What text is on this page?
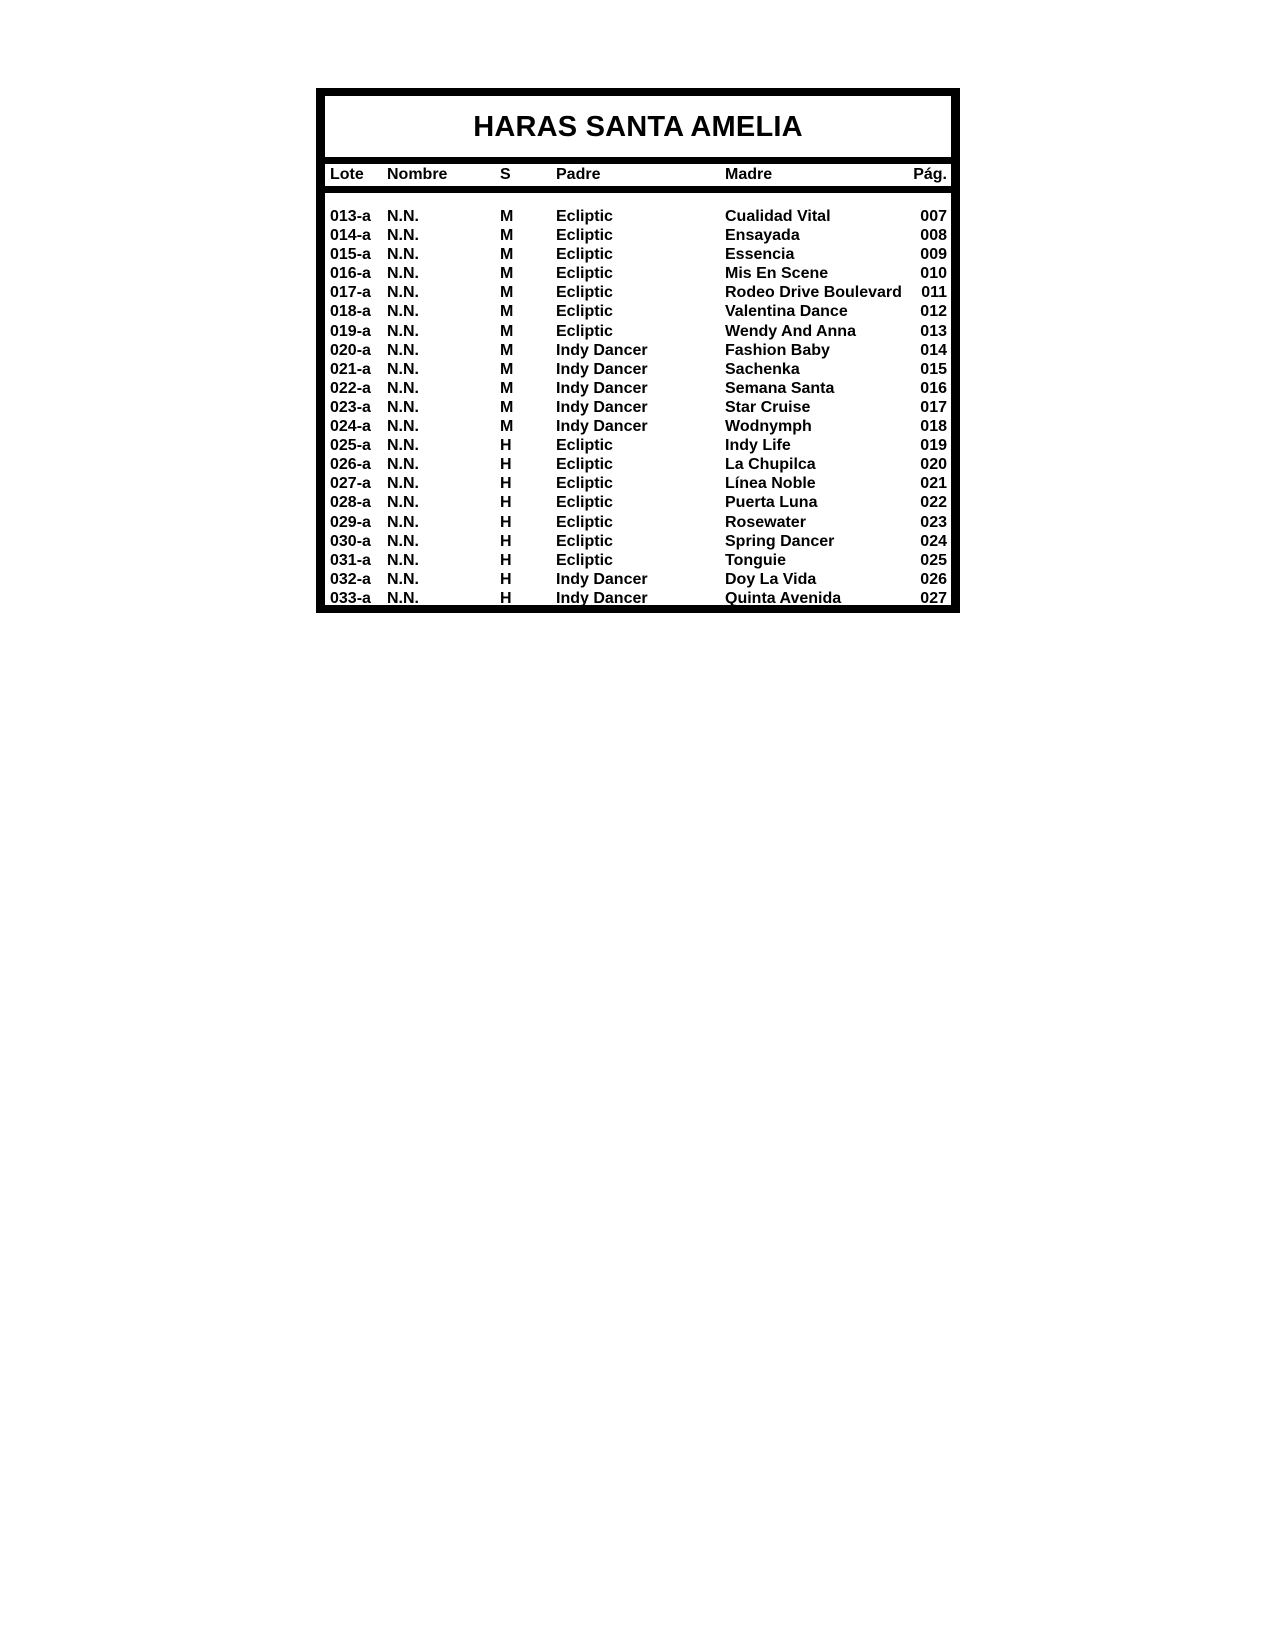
HARAS SANTA AMELIA
Lote Nombre	S	Padre	Madre	Pág.
013-a N.N.	M	Ecliptic	Cualidad Vital	007
014-a N.N.	M	Ecliptic	Ensayada	008
015-a N.N.	M	Ecliptic	Essencia	009
016-a N.N.	M	Ecliptic	Mis En Scene	010
017-a N.N.	M	Ecliptic	Rodeo Drive Boulevard 011
018-a N.N.	M	Ecliptic	Valentina Dance	012
019-a N.N.	M	Ecliptic	Wendy And Anna	013
020-a N.N.	M	Indy Dancer	Fashion Baby	014
021-a N.N.	M	Indy Dancer	Sachenka	015
022-a N.N.	M	Indy Dancer	Semana Santa	016
023-a N.N.	M	Indy Dancer	Star Cruise	017
024-a N.N.	M	Indy Dancer	Wodnymph	018
025-a N.N.	H	Ecliptic	Indy Life	019
026-a N.N.	H	Ecliptic	La Chupilca	020
027-a N.N.	H	Ecliptic	Línea Noble	021
028-a N.N.	H	Ecliptic	Puerta Luna	022
029-a N.N.	H	Ecliptic	Rosewater	023
030-a N.N.	H	Ecliptic	Spring Dancer	024
031-a N.N.	H	Ecliptic	Tonguie	025
032-a N.N.	H	Indy Dancer	Doy La Vida	026
033-a N.N.	H	Indy Dancer	Quinta Avenida	027
